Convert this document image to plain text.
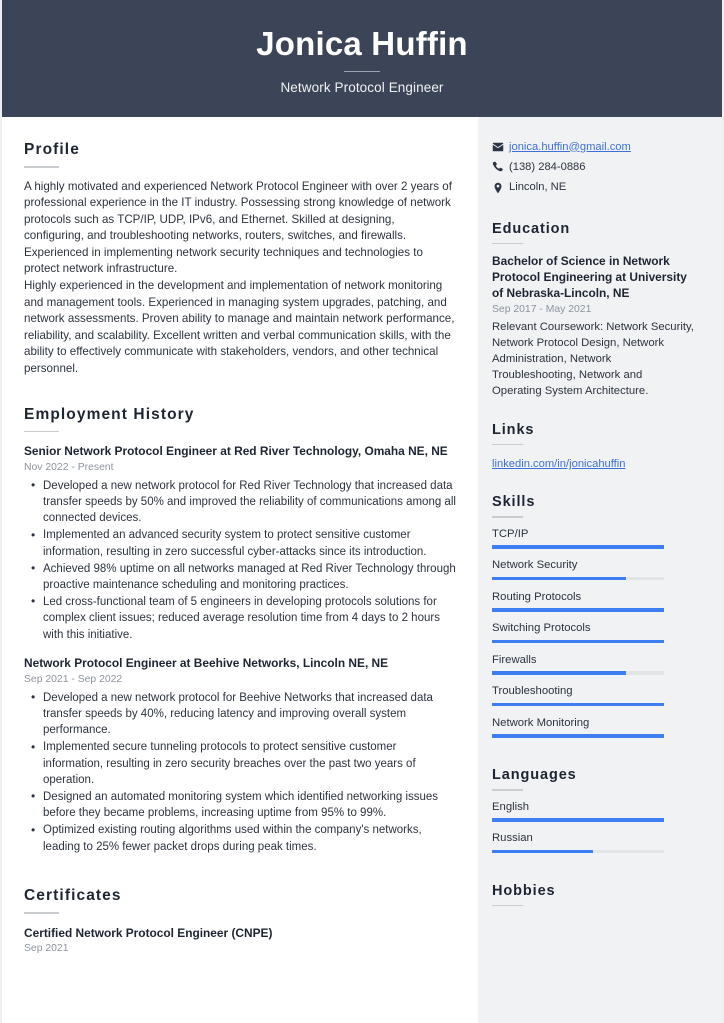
Jonica Huffin
Network Protocol Engineer
Profile

A highly motivated and experienced Network Protocol Engineer with over 2 years of professional experience in the IT industry. Possessing strong knowledge of network protocols such as TCP/IP, UDP, IPv6, and Ethernet. Skilled at designing, configuring, and troubleshooting networks, routers, switches, and firewalls. Experienced in implementing network security techniques and technologies to protect network infrastructure.
Highly experienced in the development and implementation of network monitoring and management tools. Experienced in managing system upgrades, patching, and network assessments. Proven ability to manage and maintain network performance, reliability, and scalability. Excellent written and verbal communication skills, with the ability to effectively communicate with stakeholders, vendors, and other technical personnel.

Employment History
Senior Network Protocol Engineer at Red River Technology, Omaha NE, NE
Nov 2022 - Present
• Developed a new network protocol for Red River Technology that increased data transfer speeds by 50% and improved the reliability of communications among all connected devices.
• Implemented an advanced security system to protect sensitive customer information, resulting in zero successful cyber-attacks since its introduction.
• Achieved 98% uptime on all networks managed at Red River Technology through proactive maintenance scheduling and monitoring practices.
• Led cross-functional team of 5 engineers in developing protocols solutions for complex client issues; reduced average resolution time from 4 days to 2 hours with this initiative.
Network Protocol Engineer at Beehive Networks, Lincoln NE, NE
Sep 2021 - Sep 2022
• Developed a new network protocol for Beehive Networks that increased data transfer speeds by 40%, reducing latency and improving overall system performance.
• Implemented secure tunneling protocols to protect sensitive customer information, resulting in zero security breaches over the past two years of operation.
• Designed an automated monitoring system which identified networking issues before they became problems, increasing uptime from 95% to 99%.
• Optimized existing routing algorithms used within the company's networks, leading to 25% fewer packet drops during peak times.
Certificates
Certified Network Protocol Engineer (CNPE)
Sep 2021
jonica.huffin@gmail.com
(138) 284-0886
Lincoln, NE
Education
Bachelor of Science in Network Protocol Engineering at University of Nebraska-Lincoln, NE
Sep 2017 - May 2021
Relevant Coursework: Network Security, Network Protocol Design, Network Administration, Network Troubleshooting, Network and Operating System Architecture.
Links
linkedin.com/in/jonicahuffin
Skills
TCP/IP
Network Security
Routing Protocols
Switching Protocols
Firewalls
Troubleshooting
Network Monitoring
Languages
English
Russian
Hobbies
